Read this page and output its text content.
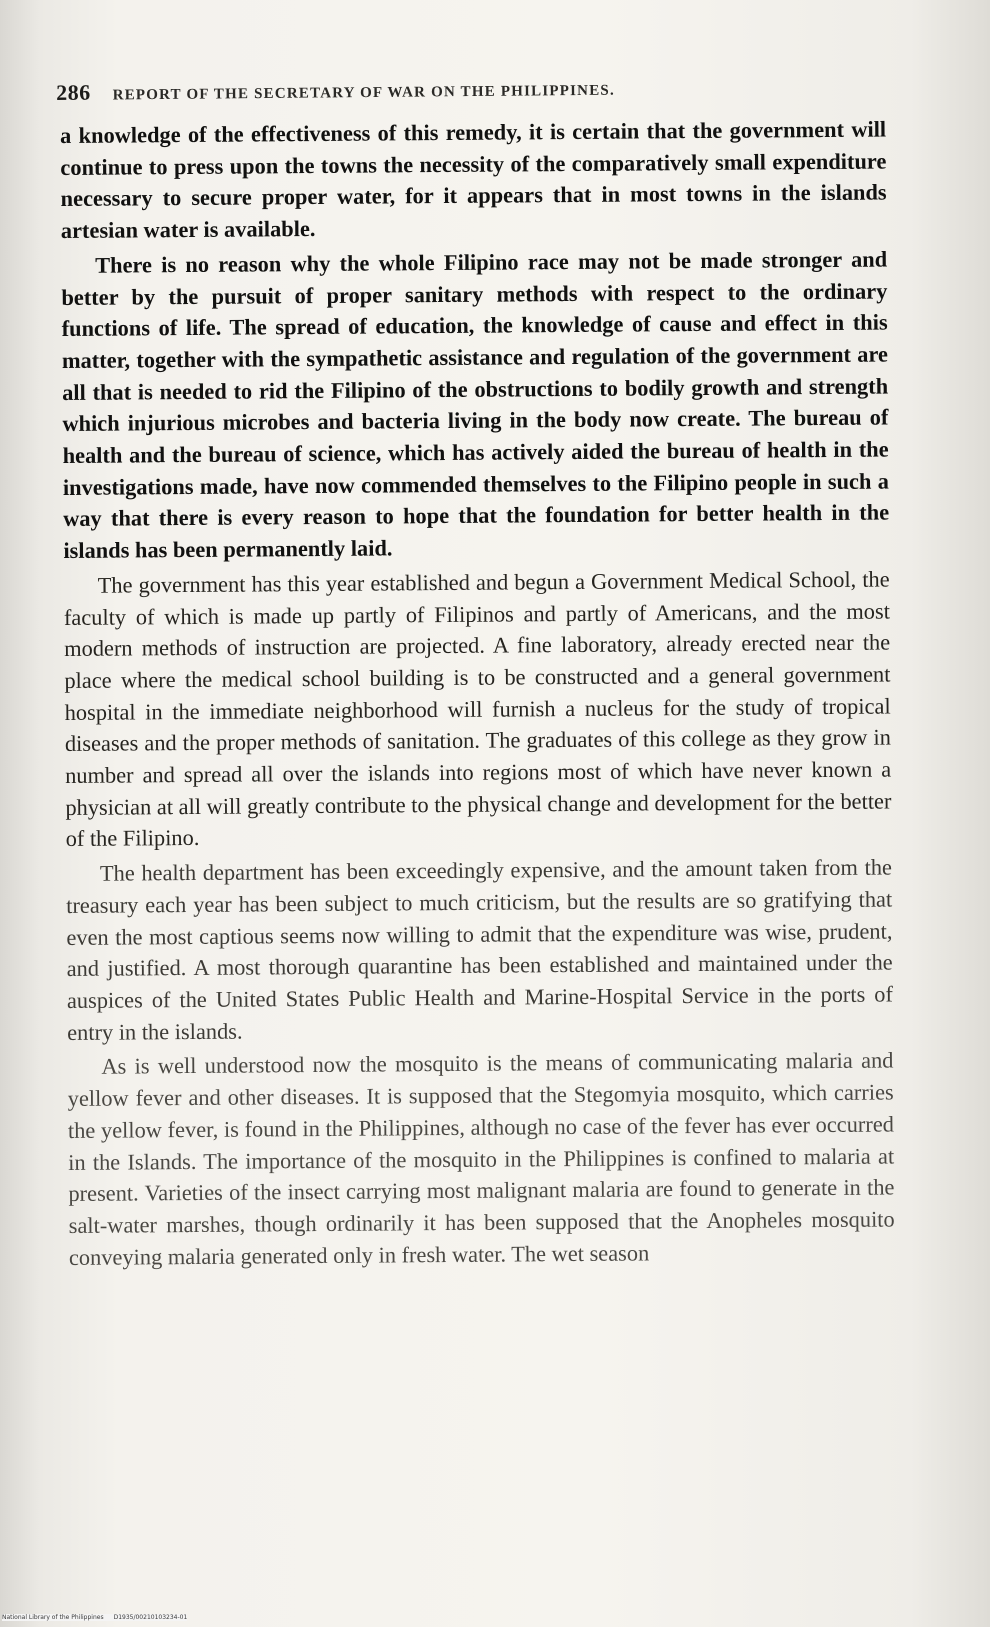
286 REPORT OF THE SECRETARY OF WAR ON THE PHILIPPINES.

a knowledge of the effectiveness of this remedy, it is certain that the government will continue to press upon the towns the necessity of the comparatively small expenditure necessary to secure proper water, for it appears that in most towns in the islands artesian water is available.

There is no reason why the whole Filipino race may not be made stronger and better by the pursuit of proper sanitary methods with respect to the ordinary functions of life. The spread of education, the knowledge of cause and effect in this matter, together with the sympathetic assistance and regulation of the government are all that is needed to rid the Filipino of the obstructions to bodily growth and strength which injurious microbes and bacteria living in the body now create. The bureau of health and the bureau of science, which has actively aided the bureau of health in the investigations made, have now commended themselves to the Filipino people in such a way that there is every reason to hope that the foundation for better health in the islands has been permanently laid.

The government has this year established and begun a Government Medical School, the faculty of which is made up partly of Filipinos and partly of Americans, and the most modern methods of instruction are projected. A fine laboratory, already erected near the place where the medical school building is to be constructed and a general government hospital in the immediate neighborhood will furnish a nucleus for the study of tropical diseases and the proper methods of sanitation. The graduates of this college as they grow in number and spread all over the islands into regions most of which have never known a physician at all will greatly contribute to the physical change and development for the better of the Filipino.

The health department has been exceedingly expensive, and the amount taken from the treasury each year has been subject to much criticism, but the results are so gratifying that even the most captious seems now willing to admit that the expenditure was wise, prudent, and justified. A most thorough quarantine has been established and maintained under the auspices of the United States Public Health and Marine-Hospital Service in the ports of entry in the islands.

As is well understood now the mosquito is the means of communicating malaria and yellow fever and other diseases. It is supposed that the Stegomyia mosquito, which carries the yellow fever, is found in the Philippines, although no case of the fever has ever occurred in the Islands. The importance of the mosquito in the Philippines is confined to malaria at present. Varieties of the insect carrying most malignant malaria are found to generate in the salt-water marshes, though ordinarily it has been supposed that the Anopheles mosquito conveying malaria generated only in fresh water. The wet season

National Library of the Philippines D1935/00210103234-01
